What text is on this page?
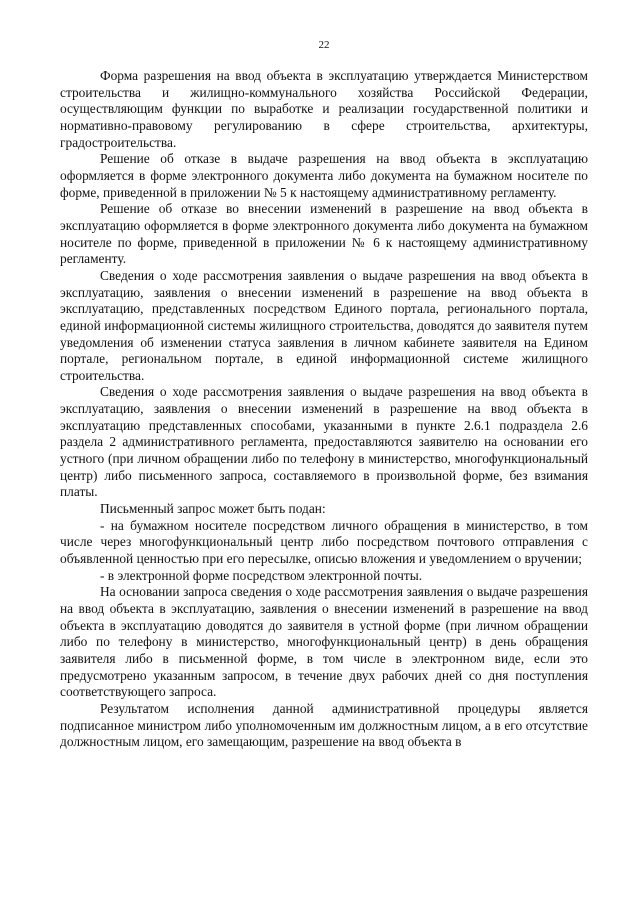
22

Форма разрешения на ввод объекта в эксплуатацию утверждается Министерством строительства и жилищно-коммунального хозяйства Российской Федерации, осуществляющим функции по выработке и реализации государственной политики и нормативно-правовому регулированию в сфере строительства, архитектуры, градостроительства.

Решение об отказе в выдаче разрешения на ввод объекта в эксплуатацию оформляется в форме электронного документа либо документа на бумажном носителе по форме, приведенной в приложении № 5 к настоящему административному регламенту.

Решение об отказе во внесении изменений в разрешение на ввод объекта в эксплуатацию оформляется в форме электронного документа либо документа на бумажном носителе по форме, приведенной в приложении № 6 к настоящему административному регламенту.

Сведения о ходе рассмотрения заявления о выдаче разрешения на ввод объекта в эксплуатацию, заявления о внесении изменений в разрешение на ввод объекта в эксплуатацию, представленных посредством Единого портала, регионального портала, единой информационной системы жилищного строительства, доводятся до заявителя путем уведомления об изменении статуса заявления в личном кабинете заявителя на Едином портале, региональном портале, в единой информационной системе жилищного строительства.

Сведения о ходе рассмотрения заявления о выдаче разрешения на ввод объекта в эксплуатацию, заявления о внесении изменений в разрешение на ввод объекта в эксплуатацию представленных способами, указанными в пункте 2.6.1 подраздела 2.6 раздела 2 административного регламента, предоставляются заявителю на основании его устного (при личном обращении либо по телефону в министерство, многофункциональный центр) либо письменного запроса, составляемого в произвольной форме, без взимания платы.

Письменный запрос может быть подан:

- на бумажном носителе посредством личного обращения в министерство, в том числе через многофункциональный центр либо посредством почтового отправления с объявленной ценностью при его пересылке, описью вложения и уведомлением о вручении;

- в электронной форме посредством электронной почты.

На основании запроса сведения о ходе рассмотрения заявления о выдаче разрешения на ввод объекта в эксплуатацию, заявления о внесении изменений в разрешение на ввод объекта в эксплуатацию доводятся до заявителя в устной форме (при личном обращении либо по телефону в министерство, многофункциональный центр) в день обращения заявителя либо в письменной форме, в том числе в электронном виде, если это предусмотрено указанным запросом, в течение двух рабочих дней со дня поступления соответствующего запроса.

Результатом исполнения данной административной процедуры является подписанное министром либо уполномоченным им должностным лицом, а в его отсутствие должностным лицом, его замещающим, разрешение на ввод объекта в
